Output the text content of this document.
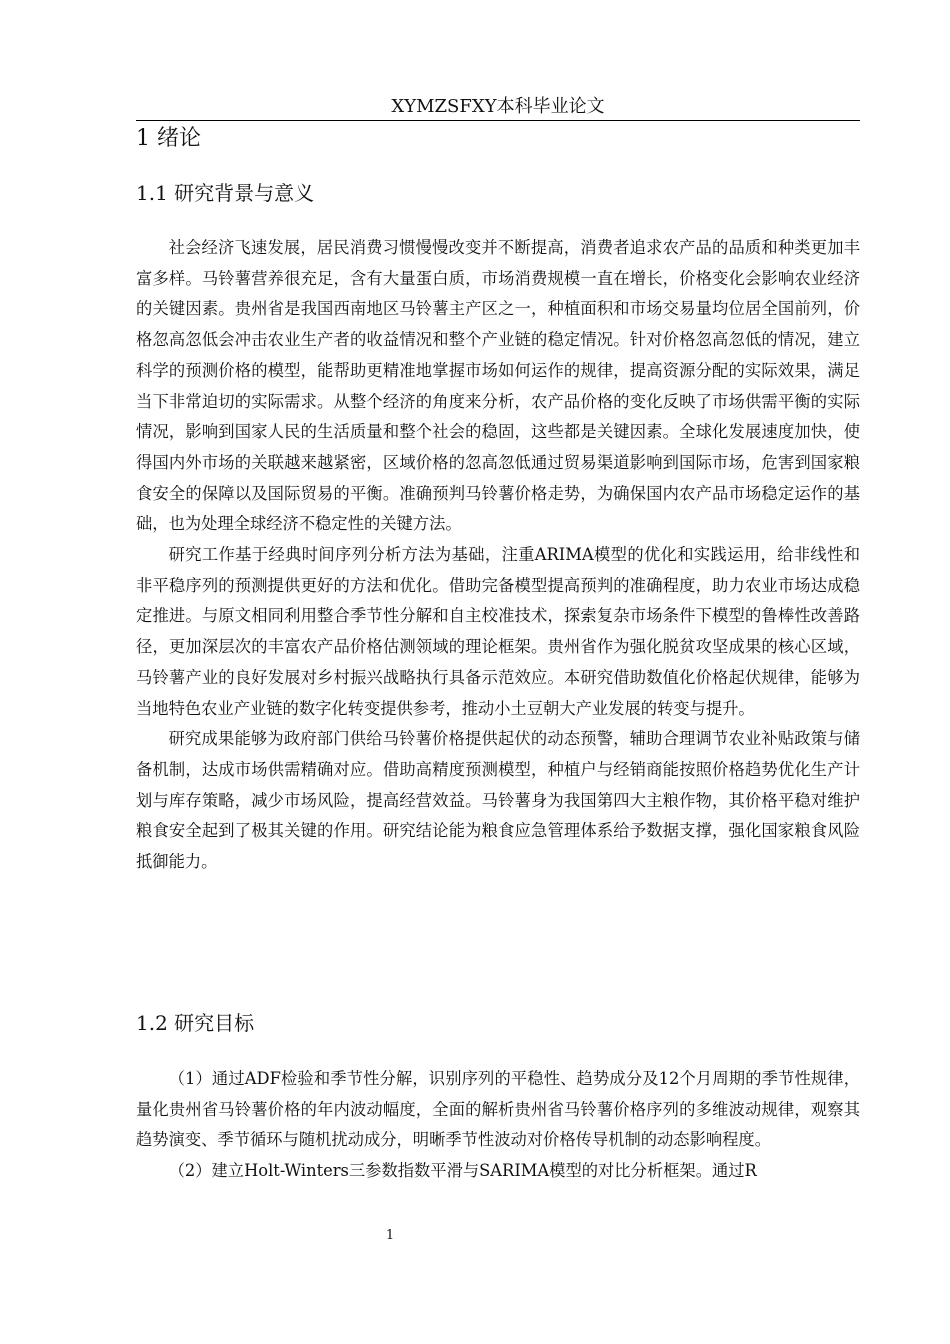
XYMZSFXY本科毕业论文
1 绪论
1.1 研究背景与意义

社会经济飞速发展，居民消费习惯慢慢改变并不断提高，消费者追求农产品的品质和种类更加丰富多样。马铃薯营养很充足，含有大量蛋白质，市场消费规模一直在增长，价格变化会影响农业经济的关键因素。贵州省是我国西南地区马铃薯主产区之一，种植面积和市场交易量均位居全国前列，价格忽高忽低会冲击农业生产者的收益情况和整个产业链的稳定情况。针对价格忽高忽低的情况，建立科学的预测价格的模型，能帮助更精准地掌握市场如何运作的规律，提高资源分配的实际效果，满足当下非常迫切的实际需求。从整个经济的角度来分析，农产品价格的变化反映了市场供需平衡的实际情况，影响到国家人民的生活质量和整个社会的稳固，这些都是关键因素。全球化发展速度加快，使得国内外市场的关联越来越紧密，区域价格的忽高忽低通过贸易渠道影响到国际市场，危害到国家粮食安全的保障以及国际贸易的平衡。准确预判马铃薯价格走势，为确保国内农产品市场稳定运作的基础，也为处理全球经济不稳定性的关键方法。

研究工作基于经典时间序列分析方法为基础，注重ARIMA模型的优化和实践运用，给非线性和非平稳序列的预测提供更好的方法和优化。借助完备模型提高预判的准确程度，助力农业市场达成稳定推进。与原文相同利用整合季节性分解和自主校准技术，探索复杂市场条件下模型的鲁棒性改善路径，更加深层次的丰富农产品价格估测领域的理论框架。贵州省作为强化脱贫攻坚成果的核心区域，马铃薯产业的良好发展对乡村振兴战略执行具备示范效应。本研究借助数值化价格起伏规律，能够为当地特色农业产业链的数字化转变提供参考，推动小土豆朝大产业发展的转变与提升。

研究成果能够为政府部门供给马铃薯价格提供起伏的动态预警，辅助合理调节农业补贴政策与储备机制，达成市场供需精确对应。借助高精度预测模型，种植户与经销商能按照价格趋势优化生产计划与库存策略，减少市场风险，提高经营效益。马铃薯身为我国第四大主粮作物，其价格平稳对维护粮食安全起到了极其关键的作用。研究结论能为粮食应急管理体系给予数据支撑，强化国家粮食风险抵御能力。

1.2 研究目标

（1）通过ADF检验和季节性分解，识别序列的平稳性、趋势成分及12个月周期的季节性规律，量化贵州省马铃薯价格的年内波动幅度，全面的解析贵州省马铃薯价格序列的多维波动规律，观察其趋势演变、季节循环与随机扰动成分，明晰季节性波动对价格传导机制的动态影响程度。

（2）建立Holt-Winters三参数指数平滑与SARIMA模型的对比分析框架。通过R

1
